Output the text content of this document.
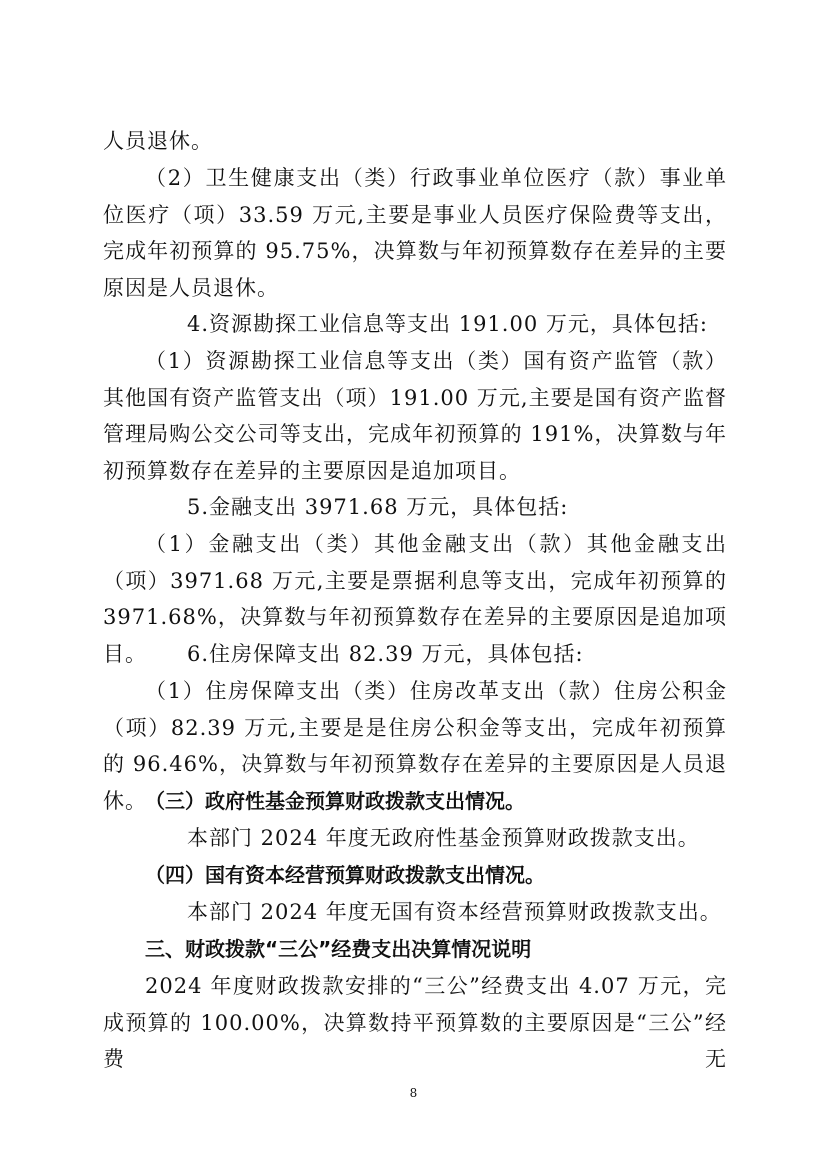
人员退休。
（2）卫生健康支出（类）行政事业单位医疗（款）事业单位医疗（项）33.59 万元,主要是事业人员医疗保险费等支出，完成年初预算的 95.75%，决算数与年初预算数存在差异的主要原因是人员退休。
4.资源勘探工业信息等支出 191.00 万元，具体包括:
（1）资源勘探工业信息等支出（类）国有资产监管（款）其他国有资产监管支出（项）191.00 万元,主要是国有资产监督管理局购公交公司等支出，完成年初预算的 191%，决算数与年初预算数存在差异的主要原因是追加项目。
5.金融支出 3971.68 万元，具体包括:
（1）金融支出（类）其他金融支出（款）其他金融支出（项）3971.68 万元,主要是票据利息等支出，完成年初预算的 3971.68%，决算数与年初预算数存在差异的主要原因是追加项目。	6.住房保障支出 82.39 万元，具体包括:
（1）住房保障支出（类）住房改革支出（款）住房公积金（项）82.39 万元,主要是是住房公积金等支出，完成年初预算的 96.46%，决算数与年初预算数存在差异的主要原因是人员退休。
（三）政府性基金预算财政拨款支出情况。
本部门 2024 年度无政府性基金预算财政拨款支出。
（四）国有资本经营预算财政拨款支出情况。
本部门 2024 年度无国有资本经营预算财政拨款支出。
三、财政拨款“三公”经费支出决算情况说明
2024 年度财政拨款安排的“三公”经费支出 4.07 万元，完成预算的 100.00%，决算数持平预算数的主要原因是“三公”经费无
8
